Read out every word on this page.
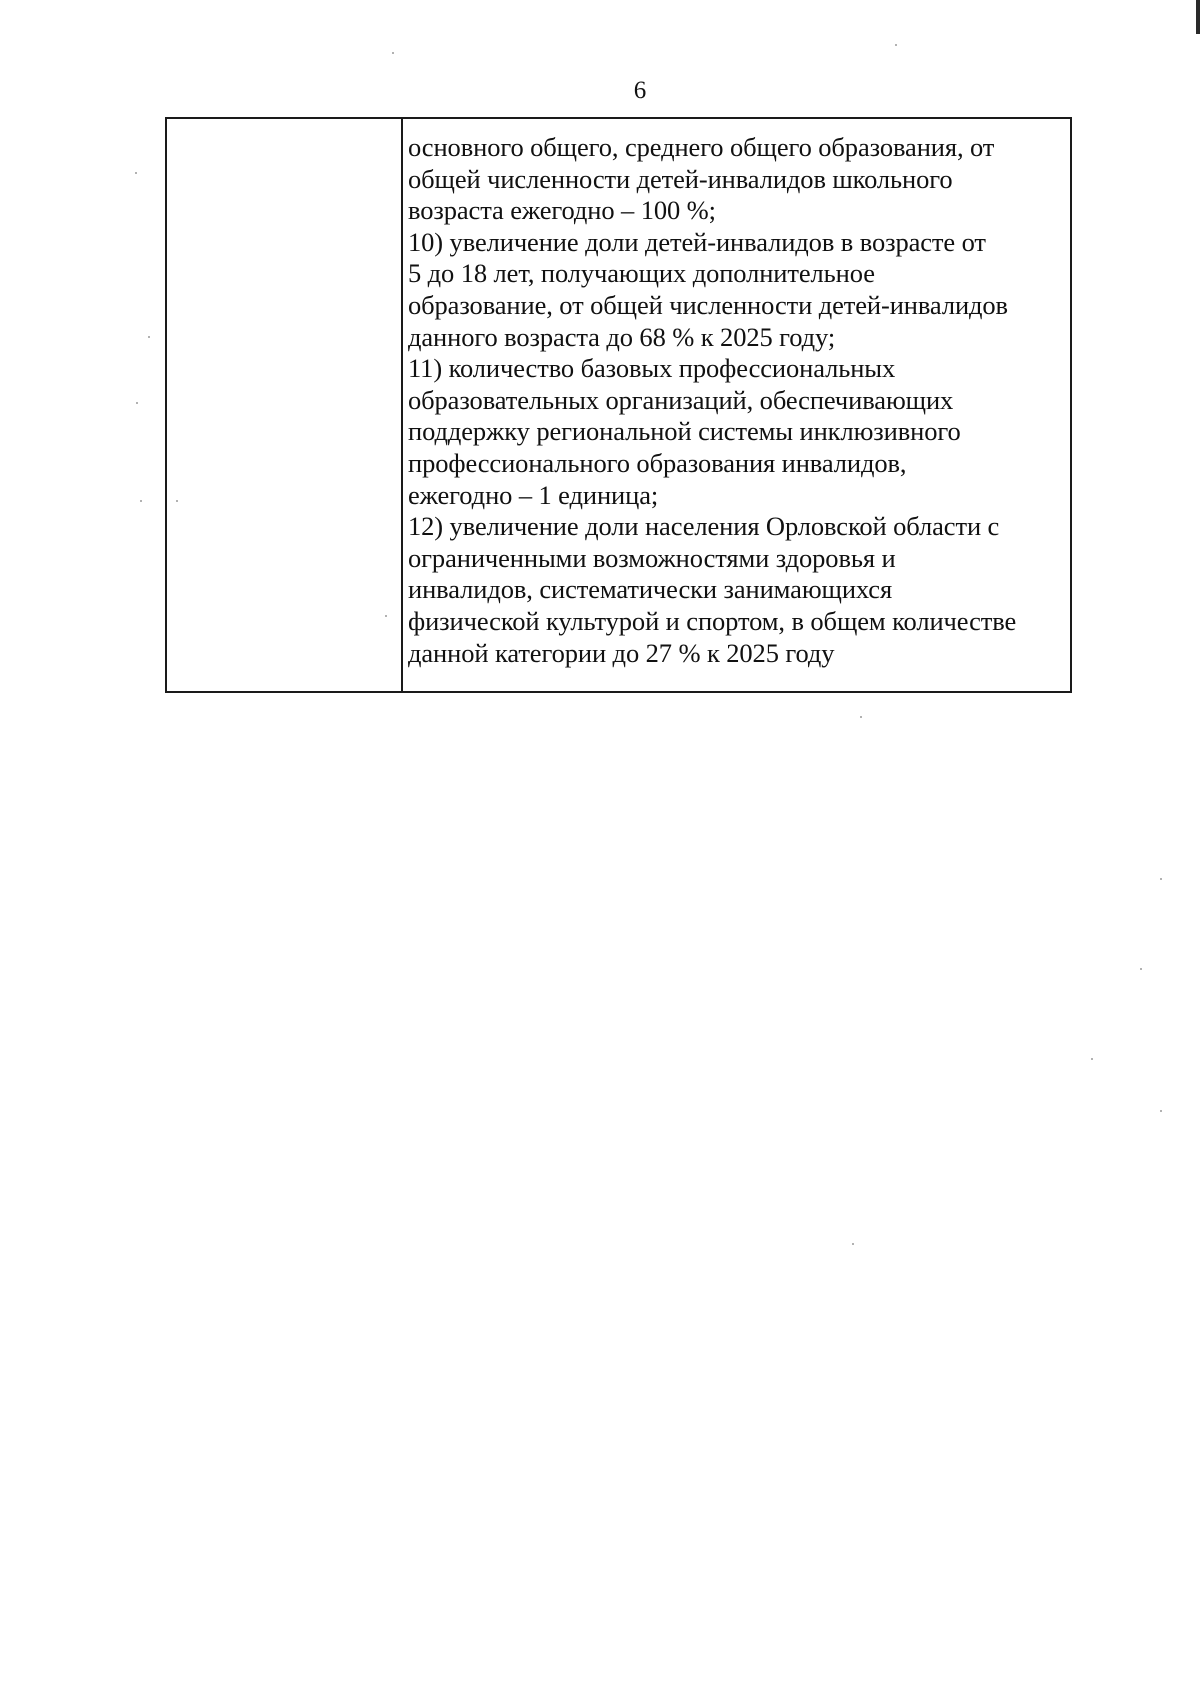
6
основного общего, среднего общего образования, от
общей численности детей-инвалидов школьного
возраста ежегодно – 100 %;
10) увеличение доли детей-инвалидов в возрасте от
5 до 18 лет, получающих дополнительное
образование, от общей численности детей-инвалидов
данного возраста до 68 % к 2025 году;
11) количество базовых профессиональных
образовательных организаций, обеспечивающих
поддержку региональной системы инклюзивного
профессионального образования инвалидов,
ежегодно – 1 единица;
12) увеличение доли населения Орловской области с
ограниченными возможностями здоровья и
инвалидов, систематически занимающихся
физической культурой и спортом, в общем количестве
данной категории до 27 % к 2025 году
